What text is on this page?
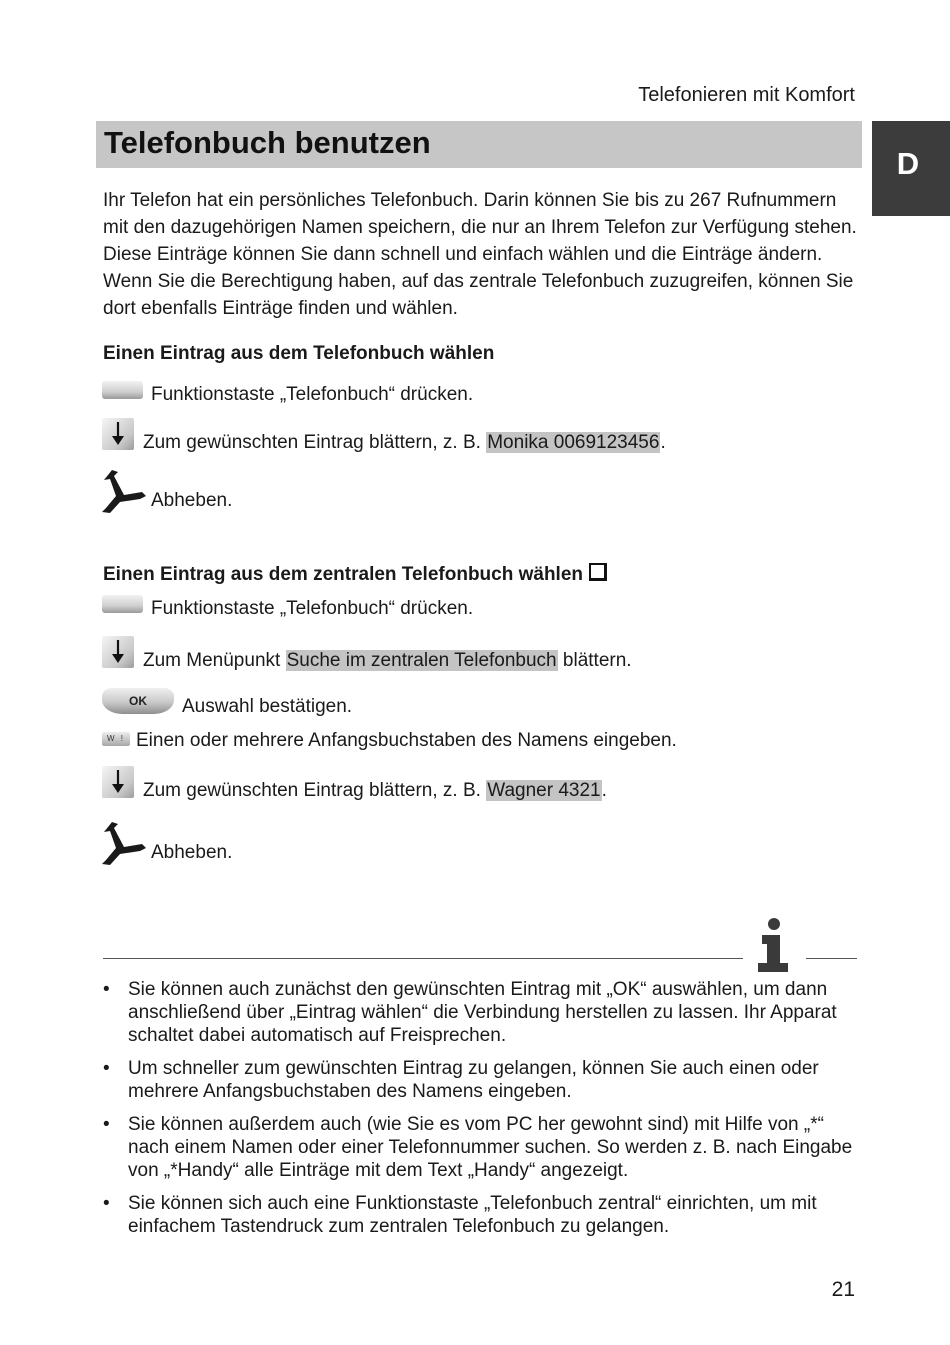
Telefonieren mit Komfort
Telefonbuch benutzen
D

Ihr Telefon hat ein persönliches Telefonbuch. Darin können Sie bis zu 267 Rufnummern mit den dazugehörigen Namen speichern, die nur an Ihrem Telefon zur Verfügung stehen. Diese Einträge können Sie dann schnell und einfach wählen und die Einträge ändern. Wenn Sie die Berechtigung haben, auf das zentrale Telefonbuch zuzugreifen, können Sie dort ebenfalls Einträge finden und wählen.

Einen Eintrag aus dem Telefonbuch wählen
Funktionstaste „Telefonbuch“ drücken.
Zum gewünschten Eintrag blättern, z. B. Monika 0069123456.
Abheben.
Einen Eintrag aus dem zentralen Telefonbuch wählen
Funktionstaste „Telefonbuch“ drücken.
Zum Menüpunkt Suche im zentralen Telefonbuch blättern.
OK	Auswahl bestätigen.
W ! Einen oder mehrere Anfangsbuchstaben des Namens eingeben.
Zum gewünschten Eintrag blättern, z. B. Wagner 4321.
Abheben.
• Sie können auch zunächst den gewünschten Eintrag mit „OK“ auswählen, um dann anschließend über „Eintrag wählen“ die Verbindung herstellen zu lassen. Ihr Apparat schaltet dabei automatisch auf Freisprechen.
• Um schneller zum gewünschten Eintrag zu gelangen, können Sie auch einen oder mehrere Anfangsbuchstaben des Namens eingeben.
• Sie können außerdem auch (wie Sie es vom PC her gewohnt sind) mit Hilfe von „*“ nach einem Namen oder einer Telefonnummer suchen. So werden z. B. nach Eingabe von „*Handy“ alle Einträge mit dem Text „Handy“ angezeigt.
• Sie können sich auch eine Funktionstaste „Telefonbuch zentral“ einrichten, um mit einfachem Tastendruck zum zentralen Telefonbuch zu gelangen.
21
